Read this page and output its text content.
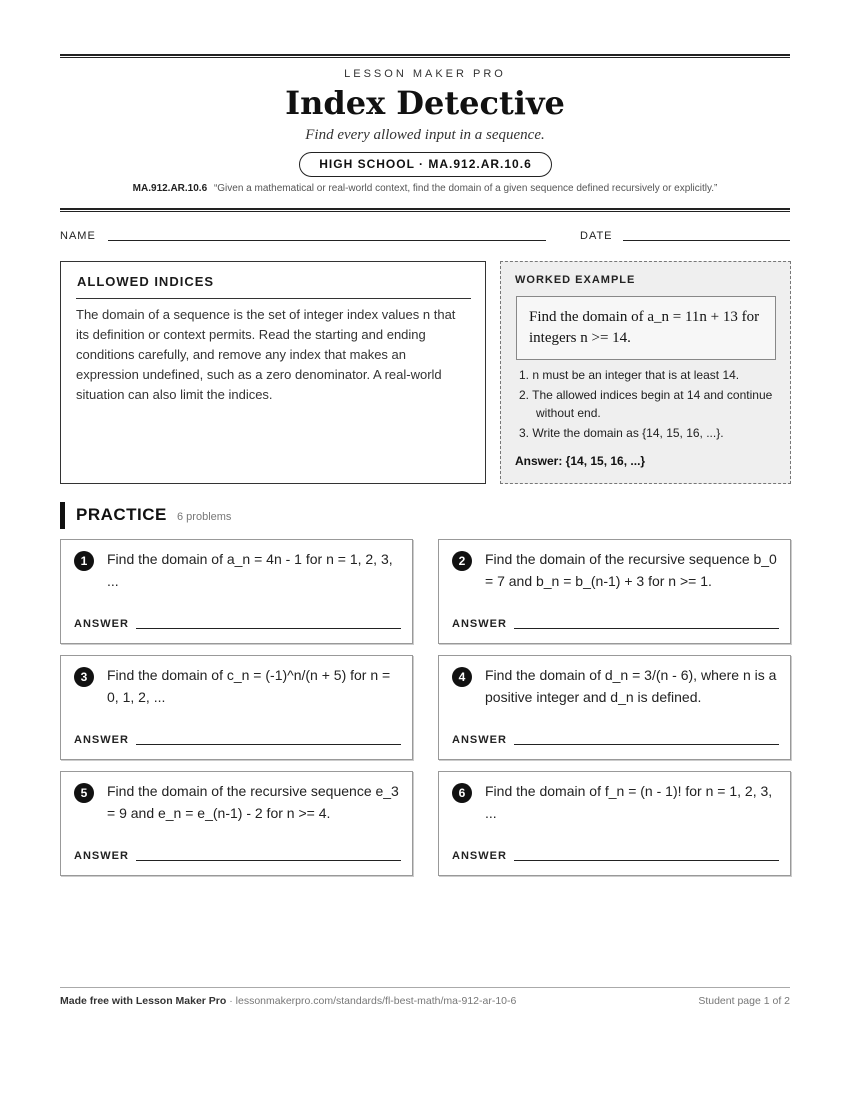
LESSON MAKER PRO
Index Detective
Find every allowed input in a sequence.
HIGH SCHOOL · MA.912.AR.10.6
MA.912.AR.10.6 “Given a mathematical or real-world context, find the domain of a given sequence defined recursively or explicitly.”
NAME	DATE
ALLOWED INDICES
The domain of a sequence is the set of integer index values n that its definition or context permits. Read the starting and ending conditions carefully, and remove any index that makes an expression undefined, such as a zero denominator. A real-world situation can also limit the indices.
WORKED EXAMPLE
Find the domain of a_n = 11n + 13 for integers n >= 14.
1. n must be an integer that is at least 14.
2. The allowed indices begin at 14 and continue without end.
3. Write the domain as {14, 15, 16, ...}.
Answer: {14, 15, 16, ...}
PRACTICE 6 problems
1	Find the domain of a_n = 4n - 1 for n = 1, 2, 3, ...
ANSWER
2	Find the domain of the recursive sequence b_0 = 7 and b_n = b_(n-1) + 3 for n >= 1.
ANSWER
3	Find the domain of c_n = (-1)^n/(n + 5) for n = 0, 1, 2, ...
ANSWER
4	Find the domain of d_n = 3/(n - 6), where n is a positive integer and d_n is defined.
ANSWER
5	Find the domain of the recursive sequence e_3 = 9 and e_n = e_(n-1) - 2 for n >= 4.
ANSWER
6	Find the domain of f_n = (n - 1)! for n = 1, 2, 3, ...
ANSWER
Made free with Lesson Maker Pro · lessonmakerpro.com/standards/fl-best-math/ma-912-ar-10-6	Student page 1 of 2
